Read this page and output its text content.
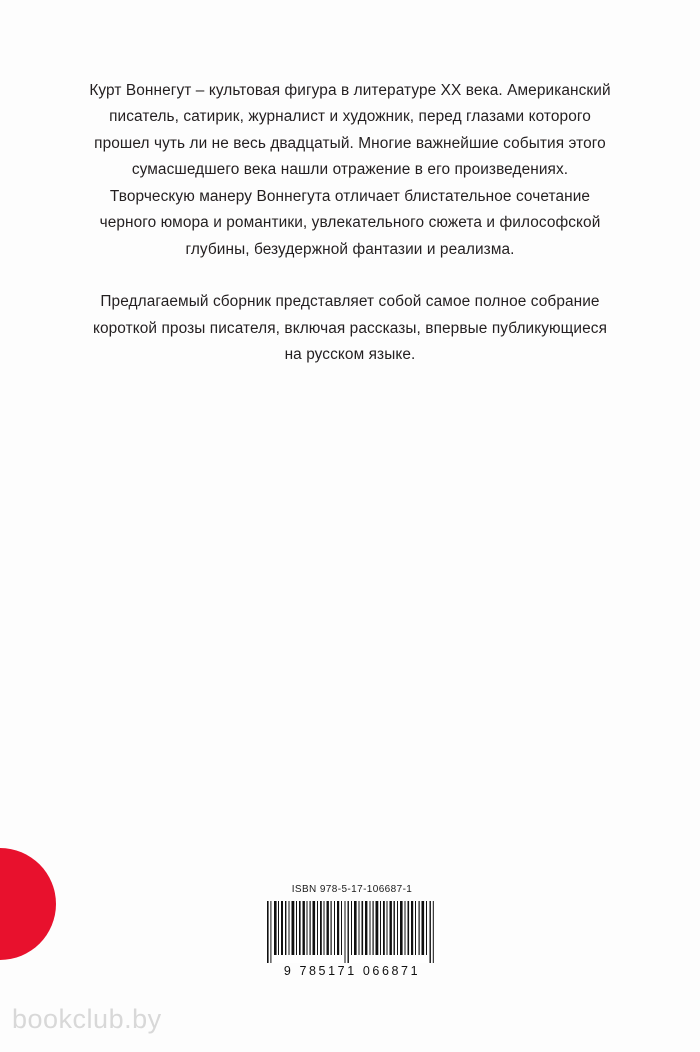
Курт Воннегут – культовая фигура в литературе XX века. Американский писатель, сатирик, журналист и художник, перед глазами которого прошел чуть ли не весь двадцатый. Многие важнейшие события этого сумасшедшего века нашли отражение в его произведениях. Творческую манеру Воннегута отличает блистательное сочетание черного юмора и романтики, увлекательного сюжета и философской глубины, безудержной фантазии и реализма.

Предлагаемый сборник представляет собой самое полное собрание короткой прозы писателя, включая рассказы, впервые публикующиеся на русском языке.

ISBN 978-5-17-106687-1
9 785171 066871
bookclub.by
